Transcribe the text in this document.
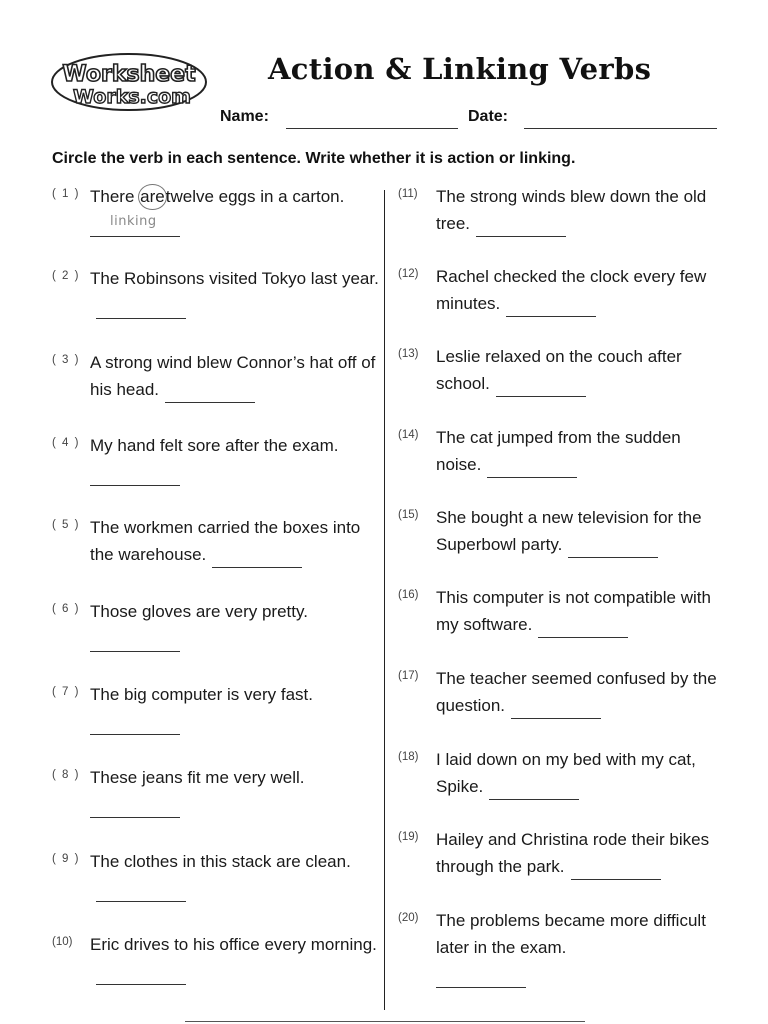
Worksheet
Works.com
Action & Linking Verbs
Name:	Date:
Circle the verb in each sentence. Write whether it is action or linking.
( 1 ) There aretwelve eggs in a carton.
linking
( 2 ) The Robinsons visited Tokyo last year.
( 3 ) A strong wind blew Connor’s hat off of his head.
( 4 ) My hand felt sore after the exam.
( 5 ) The workmen carried the boxes into the warehouse.
( 6 ) Those gloves are very pretty.
( 7 ) The big computer is very fast.
( 8 ) These jeans fit me very well.
( 9 ) The clothes in this stack are clean.
(10) Eric drives to his office every morning.
(11) The strong winds blew down the old tree.
(12) Rachel checked the clock every few minutes.
(13) Leslie relaxed on the couch after school.
(14) The cat jumped from the sudden noise.
(15) She bought a new television for the Superbowl party.
(16) This computer is not compatible with my software.
(17) The teacher seemed confused by the question.
(18) I laid down on my bed with my cat, Spike.
(19) Hailey and Christina rode their bikes through the park.
(20) The problems became more difficult later in the exam.
